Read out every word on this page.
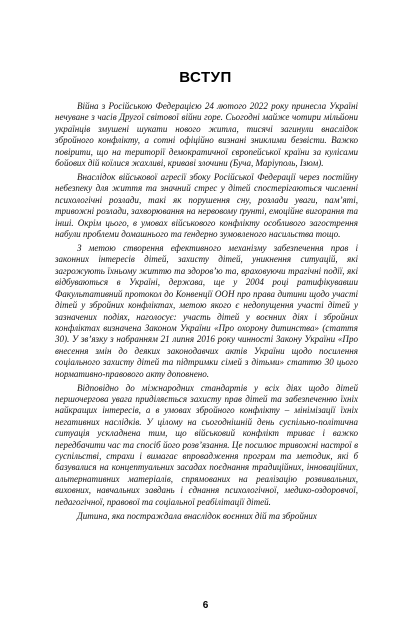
ВСТУП

Війна з Російською Федерацією 24 лютого 2022 року принесла Україні нечуване з часів Другої світової війни горе. Сьогодні майже чотири мільйони українців змушені шукати нового житла, тисячі загинули внаслідок збройного конфлікту, а сотні офіційно визнані зниклими безвісти. Важко повірити, що на території демократичної європейської країни за кулісами бойових дій коїлися жахливі, криваві злочини (Буча, Маріуполь, Ізюм).

Внаслідок військової агресії збоку Російської Федерації через постійну небезпеку для життя та значний стрес у дітей спостерігаються численні психологічні розлади, такі як порушення сну, розлади уваги, пам’яті, тривожні розлади, захворювання на нервовому ґрунті, емоційне вигорання та інші. Окрім цього, в умовах військового конфлікту особливого загострення набули проблеми домашнього та ґендерно зумовленого насильства тощо.

З метою створення ефективного механізму забезпечення прав і законних інтересів дітей, захисту дітей, уникнення ситуацій, які загрожують їхньому життю та здоров’ю та, враховуючи трагічні події, які відбуваються в Україні, держава, ще у 2004 році ратифікувавши Факультативний протокол до Конвенції ООН про права дитини щодо участі дітей у збройних конфліктах, метою якого є недопущення участі дітей у зазначених подіях, наголосує: участь дітей у воєнних діях і збройних конфліктах визначена Законом України «Про охорону дитинства» (стаття 30). У зв’язку з набранням 21 липня 2016 року чинності Закону України «Про внесення змін до деяких законодавчих актів України щодо посилення соціального захисту дітей та підтримки сімей з дітьми» статтю 30 цього нормативно-правового акту доповнено.

Відповідно до міжнародних стандартів у всіх діях щодо дітей першочергова увага приділяється захисту прав дітей та забезпеченню їхніх найкращих інтересів, а в умовах збройного конфлікту – мінімізації їхніх негативних наслідків. У цілому на сьогоднішній день суспільно-політична ситуація ускладнена тим, що військовий конфлікт триває і важко передбачити час та спосіб його розв’язання. Це посилює тривожні настрої в суспільстві, страхи і вимагає впровадження програм та методик, які б базувалися на концептуальних засадах поєднання традиційних, інноваційних, альтернативних матеріалів, спрямованих на реалізацію розвивальних, виховних, навчальних завдань і єднання психологічної, медико-оздоровчої, педагогічної, правової та соціальної реабілітації дітей.

Дитина, яка постраждала внаслідок воєнних дій та збройних

6
